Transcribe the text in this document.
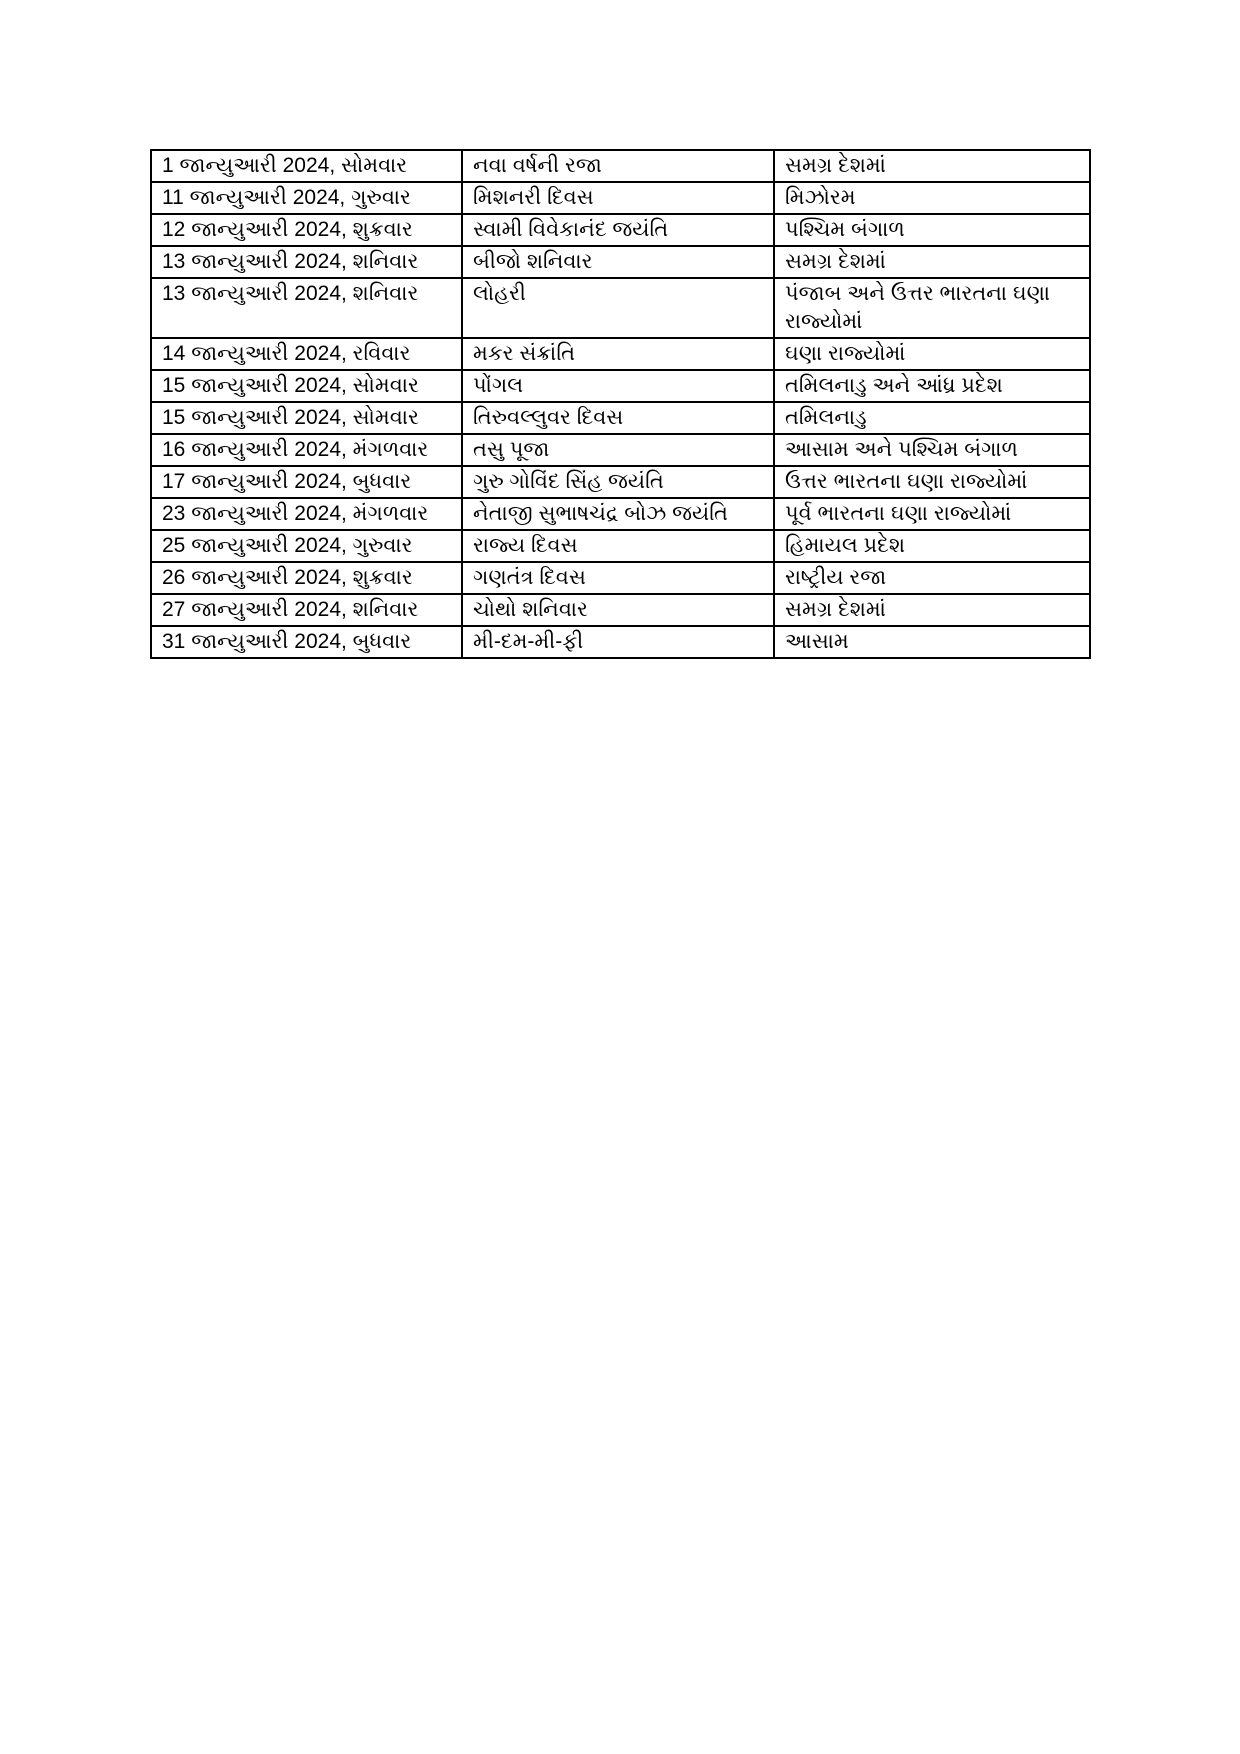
1 જાન્યુઆરી 2024, સોમવાર	નવા વર્ષની રજા	સમગ્ર દેશમાં
11 જાન્યુઆરી 2024, ગુરુવાર	મિશનરી દિવસ	મિઝોરમ
12 જાન્યુઆરી 2024, શુક્રવાર	સ્વામી વિવેકાનંદ જયંતિ	પશ્ચિમ બંગાળ
13 જાન્યુઆરી 2024, શનિવાર	બીજો શનિવાર	સમગ્ર દેશમાં
13 જાન્યુઆરી 2024, શનિવાર	લોહરી	પંજાબ અને ઉત્તર ભારતના ઘણા રાજ્યોમાં
14 જાન્યુઆરી 2024, રવિવાર	મકર સંક્રાંતિ	ઘણા રાજ્યોમાં
15 જાન્યુઆરી 2024, સોમવાર	પોંગલ	તમિલનાડુ અને આંધ્ર પ્રદેશ
15 જાન્યુઆરી 2024, સોમવાર	તિરુવલ્લુવર દિવસ	તમિલનાડુ
16 જાન્યુઆરી 2024, મંગળવાર	તસુ પૂજા	આસામ અને પશ્ચિમ બંગાળ
17 જાન્યુઆરી 2024, બુધવાર	ગુરુ ગોવિંદ સિંહ જયંતિ	ઉત્તર ભારતના ઘણા રાજ્યોમાં
23 જાન્યુઆરી 2024, મંગળવાર	નેતાજી સુભાષચંદ્ર બોઝ જયંતિ	પૂર્વ ભારતના ઘણા રાજ્યોમાં
25 જાન્યુઆરી 2024, ગુરુવાર	રાજ્ય દિવસ	હિમાયલ પ્રદેશ
26 જાન્યુઆરી 2024, શુક્રવાર	ગણતંત્ર દિવસ	રાષ્ટ્રીય રજા
27 જાન્યુઆરી 2024, શનિવાર	ચોથો શનિવાર	સમગ્ર દેશમાં
31 જાન્યુઆરી 2024, બુધવાર	મી-દમ-મી-ફી	આસામ
